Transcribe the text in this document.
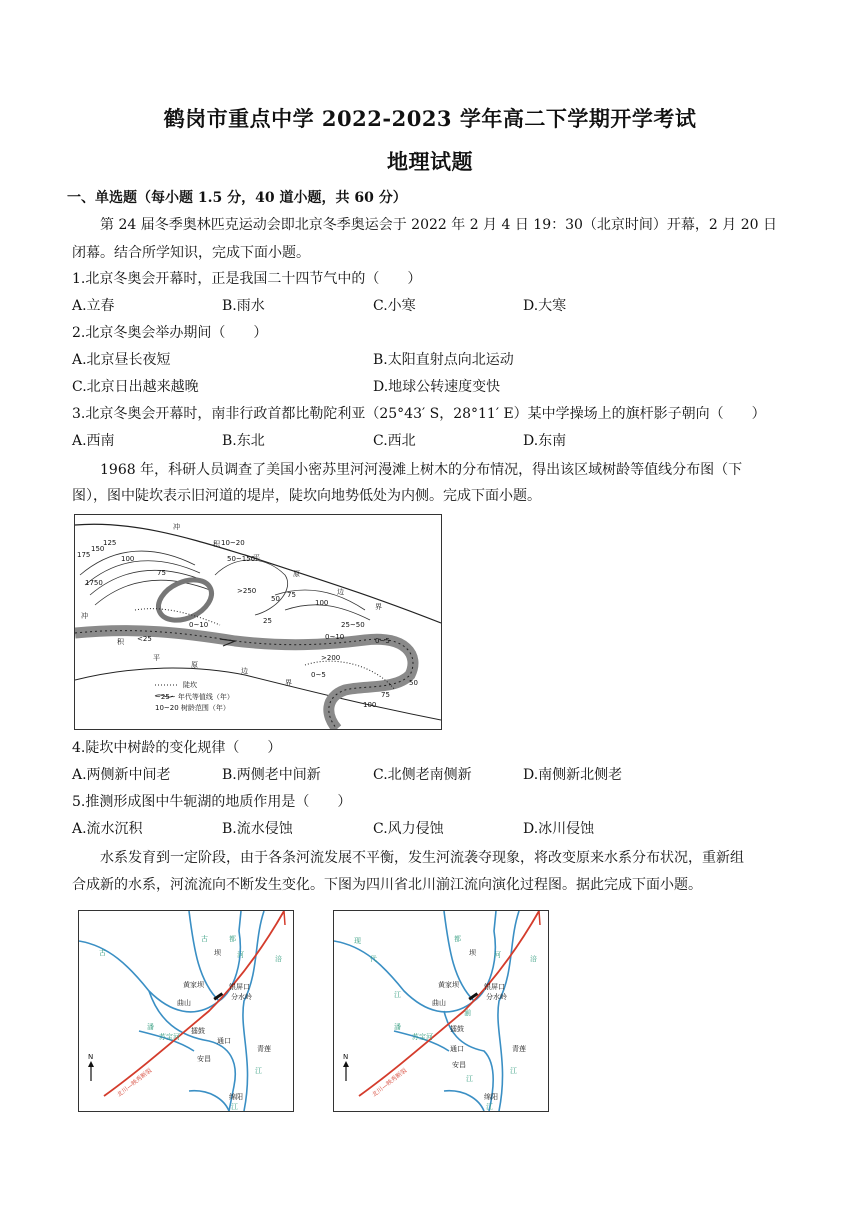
鹤岗市重点中学 2022-2023 学年高二下学期开学考试
地理试题
一、单选题（每小题 1.5 分，40 道小题，共 60 分）
第 24 届冬季奥林匹克运动会即北京冬季奥运会于 2022 年 2 月 4 日 19：30（北京时间）开幕，2 月 20 日
闭幕。结合所学知识，完成下面小题。
1.北京冬奥会开幕时，正是我国二十四节气中的（　　）
A.立春	B.雨水	C.小寒	D.大寒
2.北京冬奥会举办期间（　　）
A.北京昼长夜短	B.太阳直射点向北运动
C.北京日出越来越晚	D.地球公转速度变快
3.北京冬奥会开幕时，南非行政首都比勒陀利亚（25°43′ S，28°11′ E）某中学操场上的旗杆影子朝向（　　）
A.西南	B.东北	C.西北	D.东南
1968 年，科研人员调查了美国小密苏里河河漫滩上树木的分布情况，得出该区域树龄等值线分布图（下
图），图中陡坎表示旧河道的堤岸，陡坎向地势低处为内侧。完成下面小题。
冲
积
平
原
边
界
冲
积
平
原
边
界
175
150
125
100
75
10~20
50~150
>250
50 75
100
25
0~10
<25
>200
0~5
0~5
25~50
0~10
50
75
100
1750
陡坎
~25~ 年代等值线（年）
10~20 树龄范围（年）
4.陡坎中树龄的变化规律（　　）
A.两侧新中间老	B.两侧老中间新	C.北侧老南侧新	D.南侧新北侧老
5.推测形成图中牛轭湖的地质作用是（　　）
A.流水沉积	B.流水侵蚀	C.风力侵蚀	D.冰川侵蚀
水系发育到一定阶段，由于各条河流发展不平衡，发生河流袭夺现象，将改变原来水系分布状况，重新组
合成新的水系，河流流向不断发生变化。下图为四川省北川湔江流向演化过程图。据此完成下面小题。
古	都
坝 河	涪
古
黄家坝	银屏口
分水岭
曲山
擂鼓
通口
潘
苏宝河
安昌
青莲
江
绵阳
江
N
北川—映秀断裂
现
代
都
坝	河	涪
江
黄家坝	银屏口
分水岭
曲山
潘
苏宝河
通口
擂鼓
安昌
青莲
江
江
绵阳
N
北川—映秀断裂
湔
江
